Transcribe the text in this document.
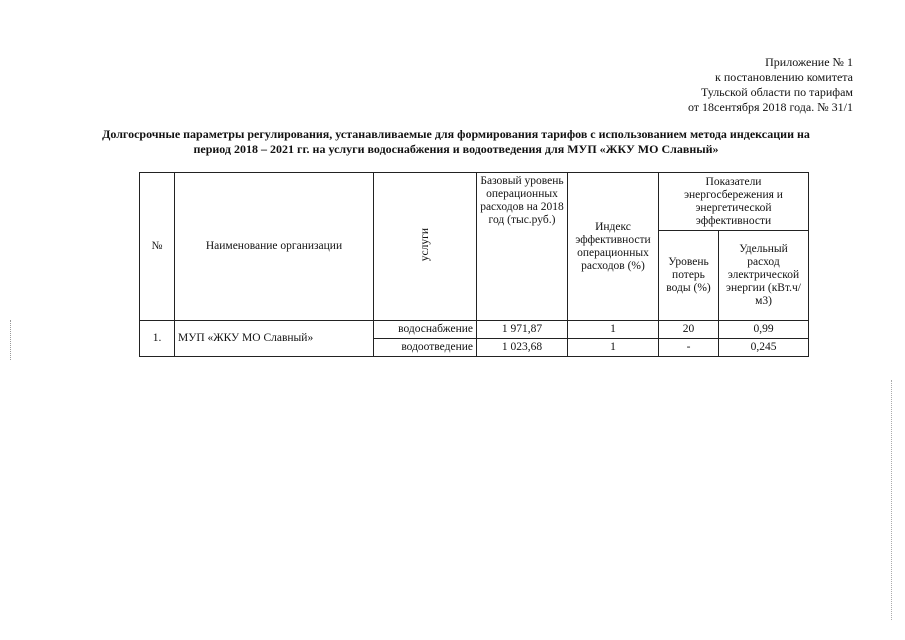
Приложение № 1
к постановлению комитета
Тульской области по тарифам
от 18сентября 2018 года. № 31/1
Долгосрочные параметры регулирования, устанавливаемые для формирования тарифов с использованием метода индексации на
период 2018 – 2021 гг. на услуги водоснабжения и водоотведения для МУП «ЖКУ МО Славный»
№	Наименование организации	услуги	Базовый уровень операционных расходов на 2018 год (тыс.руб.)	Индекс эффективности операционных расходов (%)	Показатели энергосбережения и энергетической эффективности	
					Уровень потерь воды (%)	Удельный расход электрической энергии (кВт.ч/м3)
1.	МУП «ЖКУ МО Славный»	водоснабжение	1 971,87	1	20	0,99
		водоотведение	1 023,68	1	-	0,245
